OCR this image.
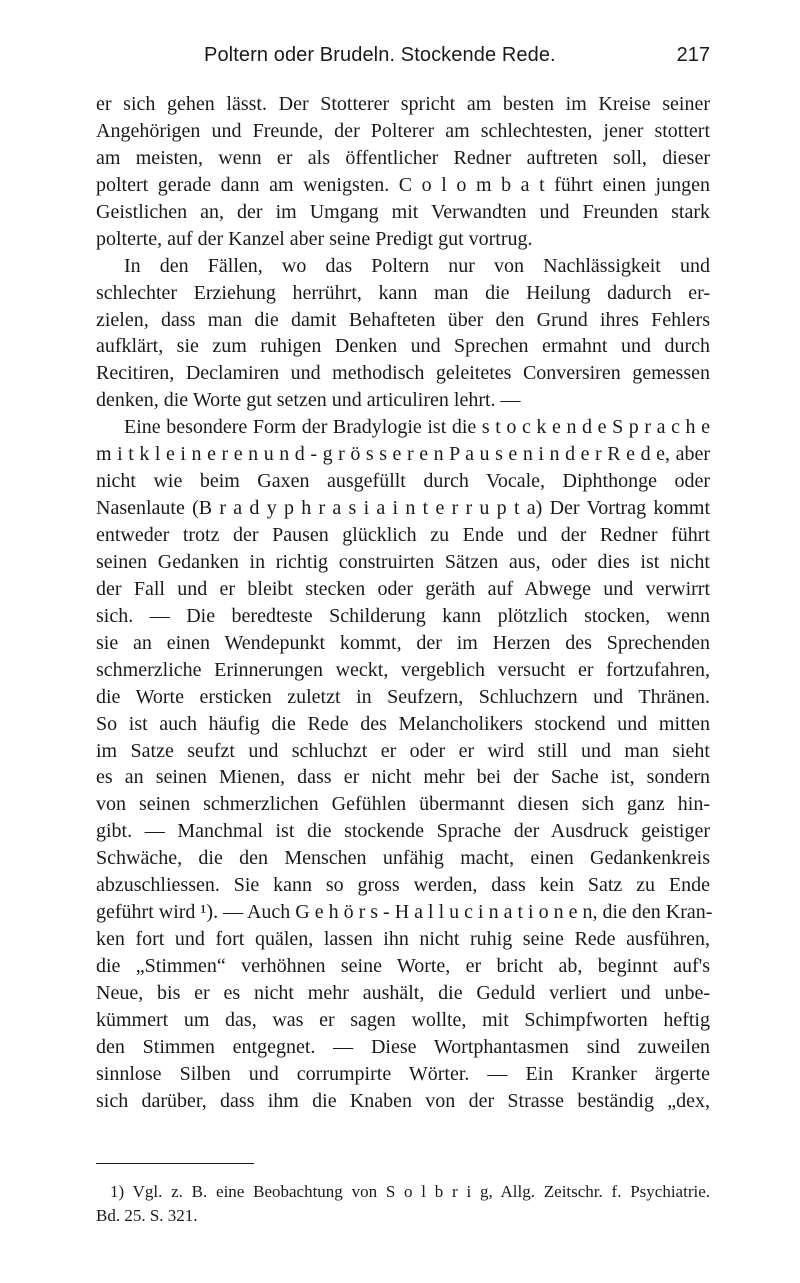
Poltern oder Brudeln. Stockende Rede.	217
er sich gehen lässt. Der Stotterer spricht am besten im Kreise seiner
Angehörigen und Freunde, der Polterer am schlechtesten, jener stottert
am meisten, wenn er als öffentlicher Redner auftreten soll, dieser
poltert gerade dann am wenigsten. C o l o m b a t führt einen jungen
Geistlichen an, der im Umgang mit Verwandten und Freunden stark
polterte, auf der Kanzel aber seine Predigt gut vortrug.
In den Fällen, wo das Poltern nur von Nachlässigkeit und
schlechter Erziehung herrührt, kann man die Heilung dadurch er-
zielen, dass man die damit Behafteten über den Grund ihres Fehlers
aufklärt, sie zum ruhigen Denken und Sprechen ermahnt und durch
Recitiren, Declamiren und methodisch geleitetes Conversiren gemessen
denken, die Worte gut setzen und articuliren lehrt. —
Eine besondere Form der Bradylogie ist die s t o c k e n d e S p r a c h e
m i t k l e i n e r e n u n d - g r ö s s e r e n P a u s e n i n d e r R e d e, aber
nicht wie beim Gaxen ausgefüllt durch Vocale, Diphthonge oder
Nasenlaute (B r a d y p h r a s i a i n t e r r u p t a) Der Vortrag kommt
entweder trotz der Pausen glücklich zu Ende und der Redner führt
seinen Gedanken in richtig construirten Sätzen aus, oder dies ist nicht
der Fall und er bleibt stecken oder geräth auf Abwege und verwirrt
sich. — Die beredteste Schilderung kann plötzlich stocken, wenn
sie an einen Wendepunkt kommt, der im Herzen des Sprechenden
schmerzliche Erinnerungen weckt, vergeblich versucht er fortzufahren,
die Worte ersticken zuletzt in Seufzern, Schluchzern und Thränen.
So ist auch häufig die Rede des Melancholikers stockend und mitten
im Satze seufzt und schluchzt er oder er wird still und man sieht
es an seinen Mienen, dass er nicht mehr bei der Sache ist, sondern
von seinen schmerzlichen Gefühlen übermannt diesen sich ganz hin-
gibt. — Manchmal ist die stockende Sprache der Ausdruck geistiger
Schwäche, die den Menschen unfähig macht, einen Gedankenkreis
abzuschliessen. Sie kann so gross werden, dass kein Satz zu Ende
geführt wird ¹). — Auch G e h ö r s - H a l l u c i n a t i o n e n, die den Kran-
ken fort und fort quälen, lassen ihn nicht ruhig seine Rede ausführen,
die „Stimmen“ verhöhnen seine Worte, er bricht ab, beginnt auf's
Neue, bis er es nicht mehr aushält, die Geduld verliert und unbe-
kümmert um das, was er sagen wollte, mit Schimpfworten heftig
den Stimmen entgegnet. — Diese Wortphantasmen sind zuweilen
sinnlose Silben und corrumpirte Wörter. — Ein Kranker ärgerte
sich darüber, dass ihm die Knaben von der Strasse beständig „dex,
1) Vgl. z. B. eine Beobachtung von S o l b r i g, Allg. Zeitschr. f. Psychiatrie.
Bd. 25. S. 321.
